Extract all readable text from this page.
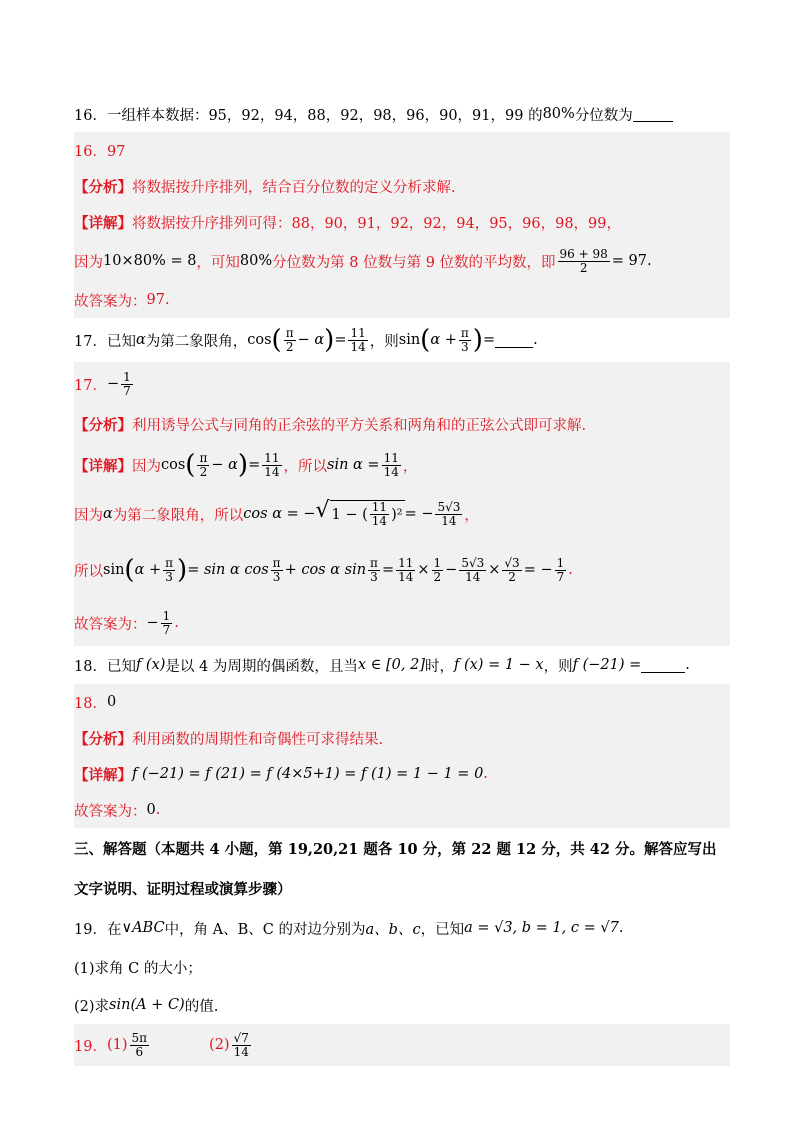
16．一组样本数据：95，92，94，88，92，98，96，90，91，99 的 80% 分位数为
16．97
【分析】 将数据按升序排列，结合百分位数的定义分析求解.
【详解】 将数据按升序排列可得：88，90，91，92，92，94，95，96，98，99，
因为 10×80% = 8 ，可知 80% 分位数为第 8 位数与第 9 位数的平均数，即 $\frac{96 + 98}{2} = 97$ .
故答案为： 97.
17．已知 α 为第二象限角， cos ( $\frac{\pi}{2} - \alpha$ ) = $\frac{11}{14}$ ，则 sin ( $\alpha + \frac{\pi}{3}$ ) =	.
17． − $\frac{1}{7}$
【分析】 利用诱导公式与同角的正余弦的平方关系和两角和的正弦公式即可求解.
【详解】 因为 cos ( $\frac{\pi}{2} - \alpha$ ) = $\frac{11}{14}$ ，所以 $\sin \alpha = \frac{11}{14}$ ，
因为 α 为第二象限角，所以 cos α = − √ 1 − ( $\frac{11}{14} )^2$ = − $\frac{5√3}{14}$ ，
所以 sin ( $\alpha + \frac{\pi}{3}$ ) = sin α $\cos \frac{\pi}{3} + \cos \alpha$ $\sin \frac{\pi}{3} = \frac{11}{14} \times \frac{1}{2} - \frac{5√3}{14} \times \frac{√3}{2}$ = − $\frac{1}{7}$ .
故答案为： − $\frac{1}{7}$ .
18．已知 f (x) 是以 4 为周期的偶函数，且当 x ∈ [0, 2] 时， f (x) = 1 − x ，则 f (−21) =	.
18． 0
【分析】 利用函数的周期性和奇偶性可求得结果.
【详解】 f (−21) = f (21) = f (4×5+1) = f (1) = 1 − 1 = 0 .
故答案为： 0 .
三、解答题（本题共 4 小题，第 19,20,21 题各 10 分，第 22 题 12 分，共 42 分。解答应写出
文字说明、证明过程或演算步骤）
19．在 ∨ABC 中，角 A、B、C 的对边分别为 a、b、c ，已知 a = √3, b = 1, c = √7 .
(1)求角 C 的大小；
(2)求 sin(A + C) 的值.
19． $(1) \frac{5\pi}{6}$	$(2) \frac{√7}{14}$
